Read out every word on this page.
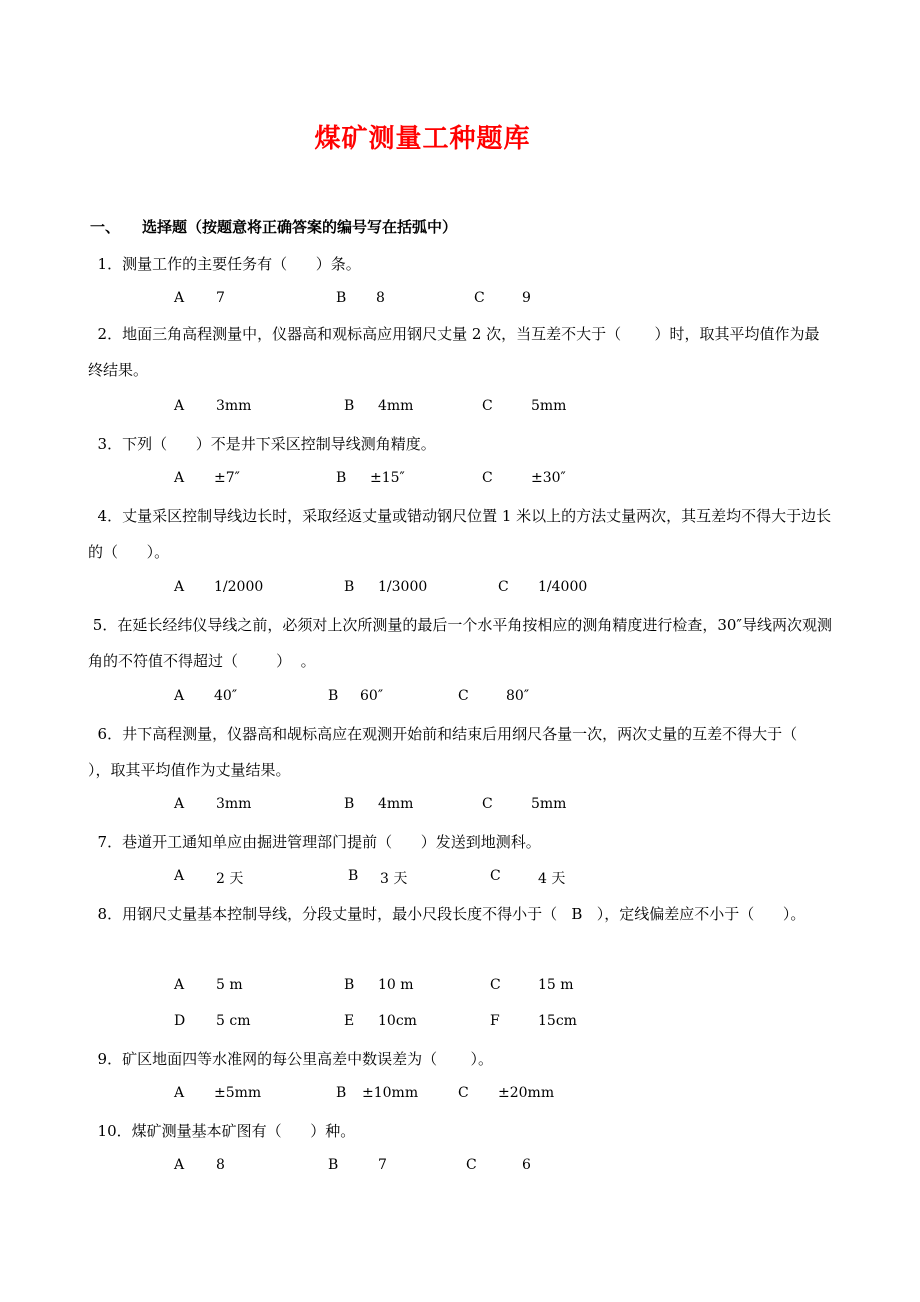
煤矿测量工种题库
一、 选择题（按题意将正确答案的编号写在括弧中）
1．测量工作的主要任务有（      ）条。
A 7	B 8	C	9
2．地面三角高程测量中，仪器高和观标高应用钢尺丈量 2 次，当互差不大于（       ）时，取其平均值作为最终结果。
A 3mm	B 4mm	C	5mm
3．下列（      ）不是井下采区控制导线测角精度。
A ±7″	B ±15″	C	±30″
4．丈量采区控制导线边长时，采取经返丈量或错动钢尺位置 1 米以上的方法丈量两次，其互差均不得大于边长的（      ）。
A 1/2000	B 1/3000	C 1/4000
5．在延长经纬仪导线之前，必须对上次所测量的最后一个水平角按相应的测角精度进行检查，30″导线两次观测角的不符值不得超过（        ）  。
A 40″	B 60″	C	80″
6．井下高程测量，仪器高和觇标高应在观测开始前和结束后用纲尺各量一次，两次丈量的互差不得大于（       ），取其平均值作为丈量结果。
A 3mm	B 4mm	C	5mm
7．巷道开工通知单应由掘进管理部门提前（      ）发送到地测科。
A 2 天	B 3 天	C	4 天
8．用钢尺丈量基本控制导线，分段丈量时，最小尺段长度不得小于（   B   ），定线偏差应不小于（      ）。
A 5 m	B 10 m	C	15 m
D 5 cm	E 10cm	F	15cm
9．矿区地面四等水准网的每公里高差中数误差为（       ）。
A ±5mm	B ±10mm	C ±20mm
10．煤矿测量基本矿图有（      ）种。
A 8	B	7	C	6
